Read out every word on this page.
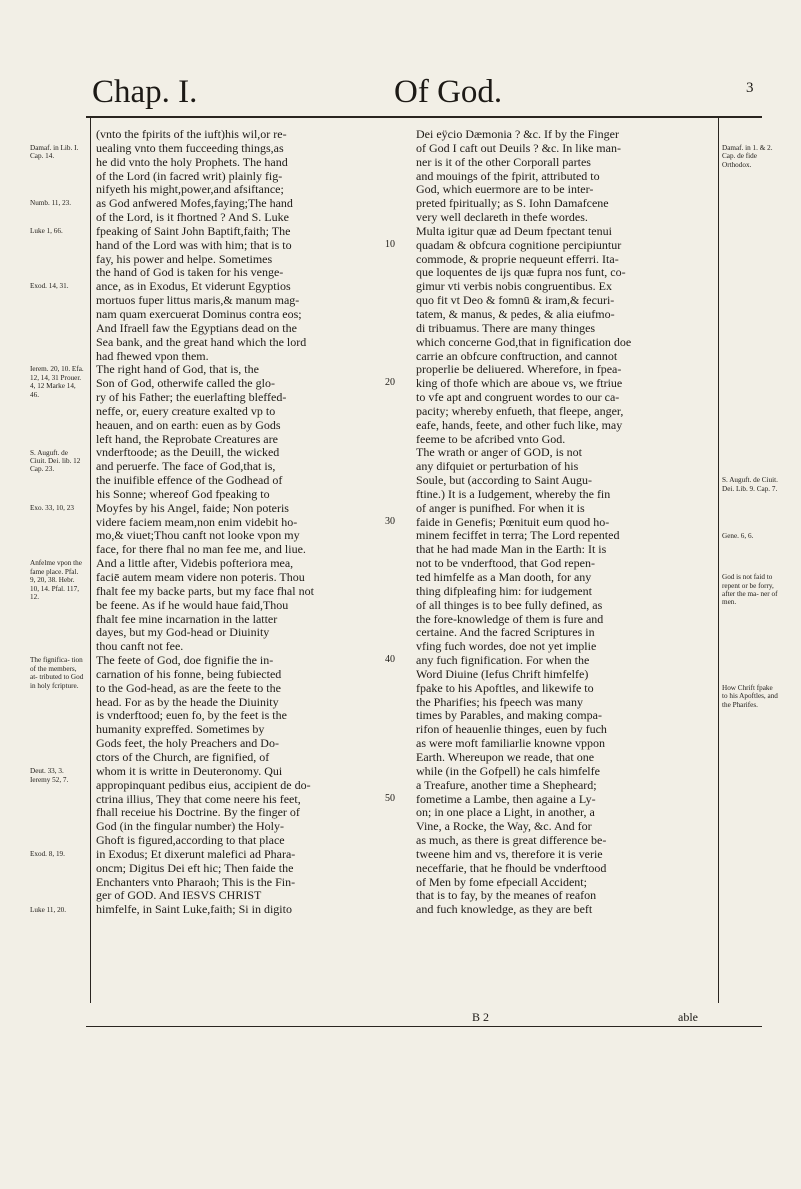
Chap. I.	Of God.	3
(vnto the fpirits of the iuft)his wil,or re-
uealing vnto them fucceeding things,as
he did vnto the holy Prophets. The hand
of the Lord (in facred writ) plainly fig-
nifyeth his might,power,and afsiftance;
as God anfwered Mofes,faying;The hand
of the Lord, is it fhortned ? And S. Luke
fpeaking of Saint John Baptift,faith; The
hand of the Lord was with him; that is to
fay, his power and helpe. Sometimes
the hand of God is taken for his venge-
ance, as in Exodus, Et viderunt Egyptios
mortuos fuper littus maris,& manum mag-
nam quam exercuerat Dominus contra eos;
And Ifraell faw the Egyptians dead on the
Sea bank, and the great hand which the lord
had fhewed vpon them.
The right hand of God, that is, the
Son of God, otherwife called the glo-
ry of his Father; the euerlafting bleffed-
neffe, or, euery creature exalted vp to
heauen, and on earth: euen as by Gods
left hand, the Reprobate Creatures are
vnderftoode; as the Deuill, the wicked
and peruerfe. The face of God,that is,
the inuifible effence of the Godhead of
his Sonne; whereof God fpeaking to
Moyfes by his Angel, faide; Non poteris
videre faciem meam,non enim videbit ho-
mo,& viuet;Thou canft not looke vpon my
face, for there fhal no man fee me, and liue.
And a little after, Videbis pofteriora mea,
faciē autem meam videre non poteris. Thou
fhalt fee my backe parts, but my face fhal not
be feene. As if he would haue faid,Thou
fhalt fee mine incarnation in the latter
dayes, but my God-head or Diuinity
thou canft not fee.
The feete of God, doe fignifie the in-
carnation of his fonne, being fubiected
to the God-head, as are the feete to the
head. For as by the heade the Diuinity
is vnderftood; euen fo, by the feet is the
humanity expreffed. Sometimes by
Gods feet, the holy Preachers and Do-
ctors of the Church, are fignified, of
whom it is writte in Deuteronomy. Qui
appropinquant pedibus eius, accipient de do-
ctrina illius, They that come neere his feet,
fhall receiue his Doctrine. By the finger of
God (in the fingular number) the Holy-
Ghoft is figured,according to that place
in Exodus; Et dixerunt malefici ad Phara-
oncm; Digitus Dei eft hic; Then faide the
Enchanters vnto Pharaoh; This is the Fin-
ger of GOD. And IESVS CHRIST
himfelfe, in Saint Luke,faith; Si in digito
Dei eÿcio Dæmonia ? &c. If by the Finger
of God I caft out Deuils ? &c. In like man-
ner is it of the other Corporall partes
and mouings of the fpirit, attributed to
God, which euermore are to be inter-
preted fpiritually; as S. Iohn Damafcene
very well declareth in thefe wordes.
Multa igitur quæ ad Deum fpectant tenui
quadam & obfcura cognitione percipiuntur
commode, & proprie nequeunt efferri. Ita-
que loquentes de ijs quæ fupra nos funt, co-
gimur vti verbis nobis congruentibus. Ex
quo fit vt Deo & fomnū & iram,& fecuri-
tatem, & manus, & pedes, & alia eiufmo-
di tribuamus. There are many thinges
which concerne God,that in fignification doe
carrie an obfcure conftruction, and cannot
properlie be deliuered. Wherefore, in fpea-
king of thofe which are aboue vs, we ftriue
to vfe apt and congruent wordes to our ca-
pacity; whereby enfueth, that fleepe, anger,
eafe, hands, feete, and other fuch like, may
feeme to be afcribed vnto God.
The wrath or anger of GOD, is not
any difquiet or perturbation of his
Soule, but (according to Saint Augu-
ftine.) It is a Iudgement, whereby the fin
of anger is punifhed. For when it is
faide in Genefis; Pœnituit eum quod ho-
minem feciffet in terra; The Lord repented
that he had made Man in the Earth: It is
not to be vnderftood, that God repen-
ted himfelfe as a Man dooth, for any
thing difpleafing him: for iudgement
of all thinges is to bee fully defined, as
the fore-knowledge of them is fure and
certaine. And the facred Scriptures in
vfing fuch wordes, doe not yet implie
any fuch fignification. For when the
Word Diuine (Iefus Chrift himfelfe)
fpake to his Apoftles, and likewife to
the Pharifies; his fpeech was many
times by Parables, and making compa-
rifon of heauenlie thinges, euen by fuch
as were moft familiarlie knowne vppon
Earth. Whereupon we reade, that one
while (in the Gofpell) he cals himfelfe
a Treafure, another time a Shepheard;
fometime a Lambe, then againe a Ly-
on; in one place a Light, in another, a
Vine, a Rocke, the Way, &c. And for
as much, as there is great difference be-
tweene him and vs, therefore it is verie
neceffarie, that he fhould be vnderftood
of Men by fome efpeciall Accident;
that is to fay, by the meanes of reafon
and fuch knowledge, as they are beft
Damaf. in Lib. I. Cap. 14.
Numb. 11, 23.
Luke 1, 66.
Exod. 14, 31.
Ierem. 20, 10. Efa. 12, 14, 31 Prouer. 4, 12 Marke 14, 46.
S. Auguft. de Ciuit. Dei. lib. 12 Cap. 23.
Exo. 33, 10, 23
Anfelme vpon the fame place. Pfal. 9, 20, 38. Hebr. 10, 14. Pfal. 117, 12.
The fignifica- tion of the members, at- tributed to God in holy fcripture.
Deut. 33, 3. Ieremy 52, 7.
Exod. 8, 19.
Luke 11, 20.
Damaf. in 1. & 2. Cap. de fide Orthodox.
S. Auguft. de Ciuit. Dei. Lib. 9. Cap. 7.
Gene. 6, 6.
God is not faid to repent or be forry, after the ma- ner of men.
How Chrift fpake to his Apoftles, and the Pharifes.
10
20
30
40
50
B 2	able
